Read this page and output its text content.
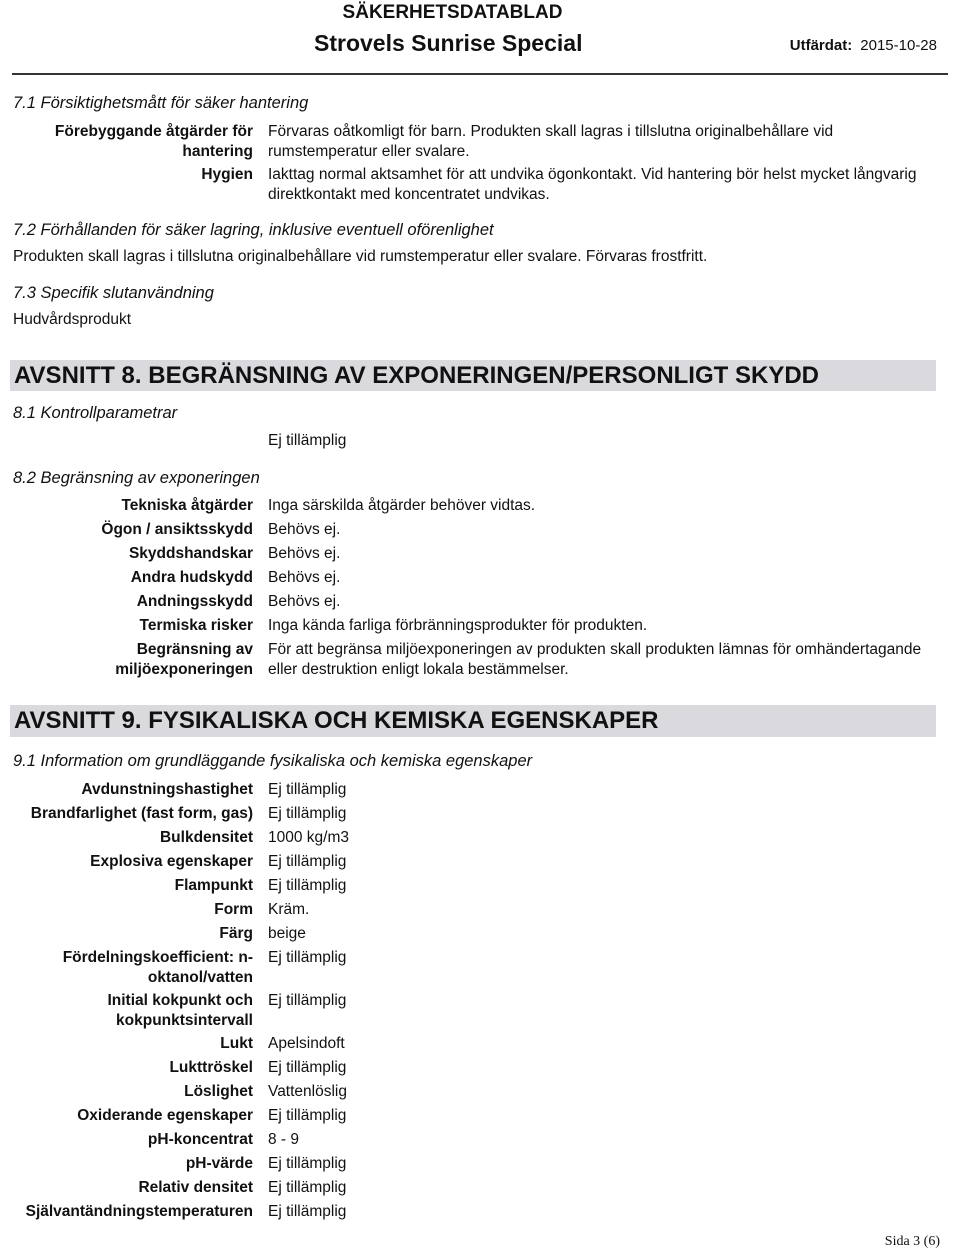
SÄKERHETSDATABLAD
Strovels Sunrise Special	Utfärdat: 2015-10-28
7.1 Försiktighetsmått för säker hantering
Förebyggande åtgärder för hantering
Förvaras oåtkomligt för barn. Produkten skall lagras i tillslutna originalbehållare vid rumstemperatur eller svalare.
Hygien Iakttag normal aktsamhet för att undvika ögonkontakt. Vid hantering bör helst mycket långvarig direktkontakt med koncentratet undvikas.
7.2 Förhållanden för säker lagring, inklusive eventuell oförenlighet
Produkten skall lagras i tillslutna originalbehållare vid rumstemperatur eller svalare. Förvaras frostfritt.
7.3 Specifik slutanvändning
Hudvårdsprodukt
AVSNITT 8. BEGRÄNSNING AV EXPONERINGEN/PERSONLIGT SKYDD
8.1 Kontrollparametrar
Ej tillämplig
8.2 Begränsning av exponeringen
Tekniska åtgärder Inga särskilda åtgärder behöver vidtas.
Ögon / ansiktsskydd Behövs ej.
Skyddshandskar Behövs ej.
Andra hudskydd Behövs ej.
Andningsskydd Behövs ej.
Termiska risker Inga kända farliga förbränningsprodukter för produkten.
Begränsning av miljöexponeringen
För att begränsa miljöexponeringen av produkten skall produkten lämnas för omhändertagande eller destruktion enligt lokala bestämmelser.
AVSNITT 9. FYSIKALISKA OCH KEMISKA EGENSKAPER
9.1 Information om grundläggande fysikaliska och kemiska egenskaper
Avdunstningshastighet Ej tillämplig
Brandfarlighet (fast form, gas) Ej tillämplig
Bulkdensitet 1000 kg/m3
Explosiva egenskaper Ej tillämplig
Flampunkt Ej tillämplig
Form Kräm.
Färg beige
Fördelningskoefficient: n-oktanol/vatten
Ej tillämplig
Initial kokpunkt och kokpunktsintervall
Ej tillämplig
Lukt Apelsindoft
Lukttröskel Ej tillämplig
Löslighet Vattenlöslig
Oxiderande egenskaper Ej tillämplig
pH-koncentrat 8 - 9
pH-värde Ej tillämplig
Relativ densitet Ej tillämplig
Självantändningstemperaturen Ej tillämplig
Sida 3 (6)
